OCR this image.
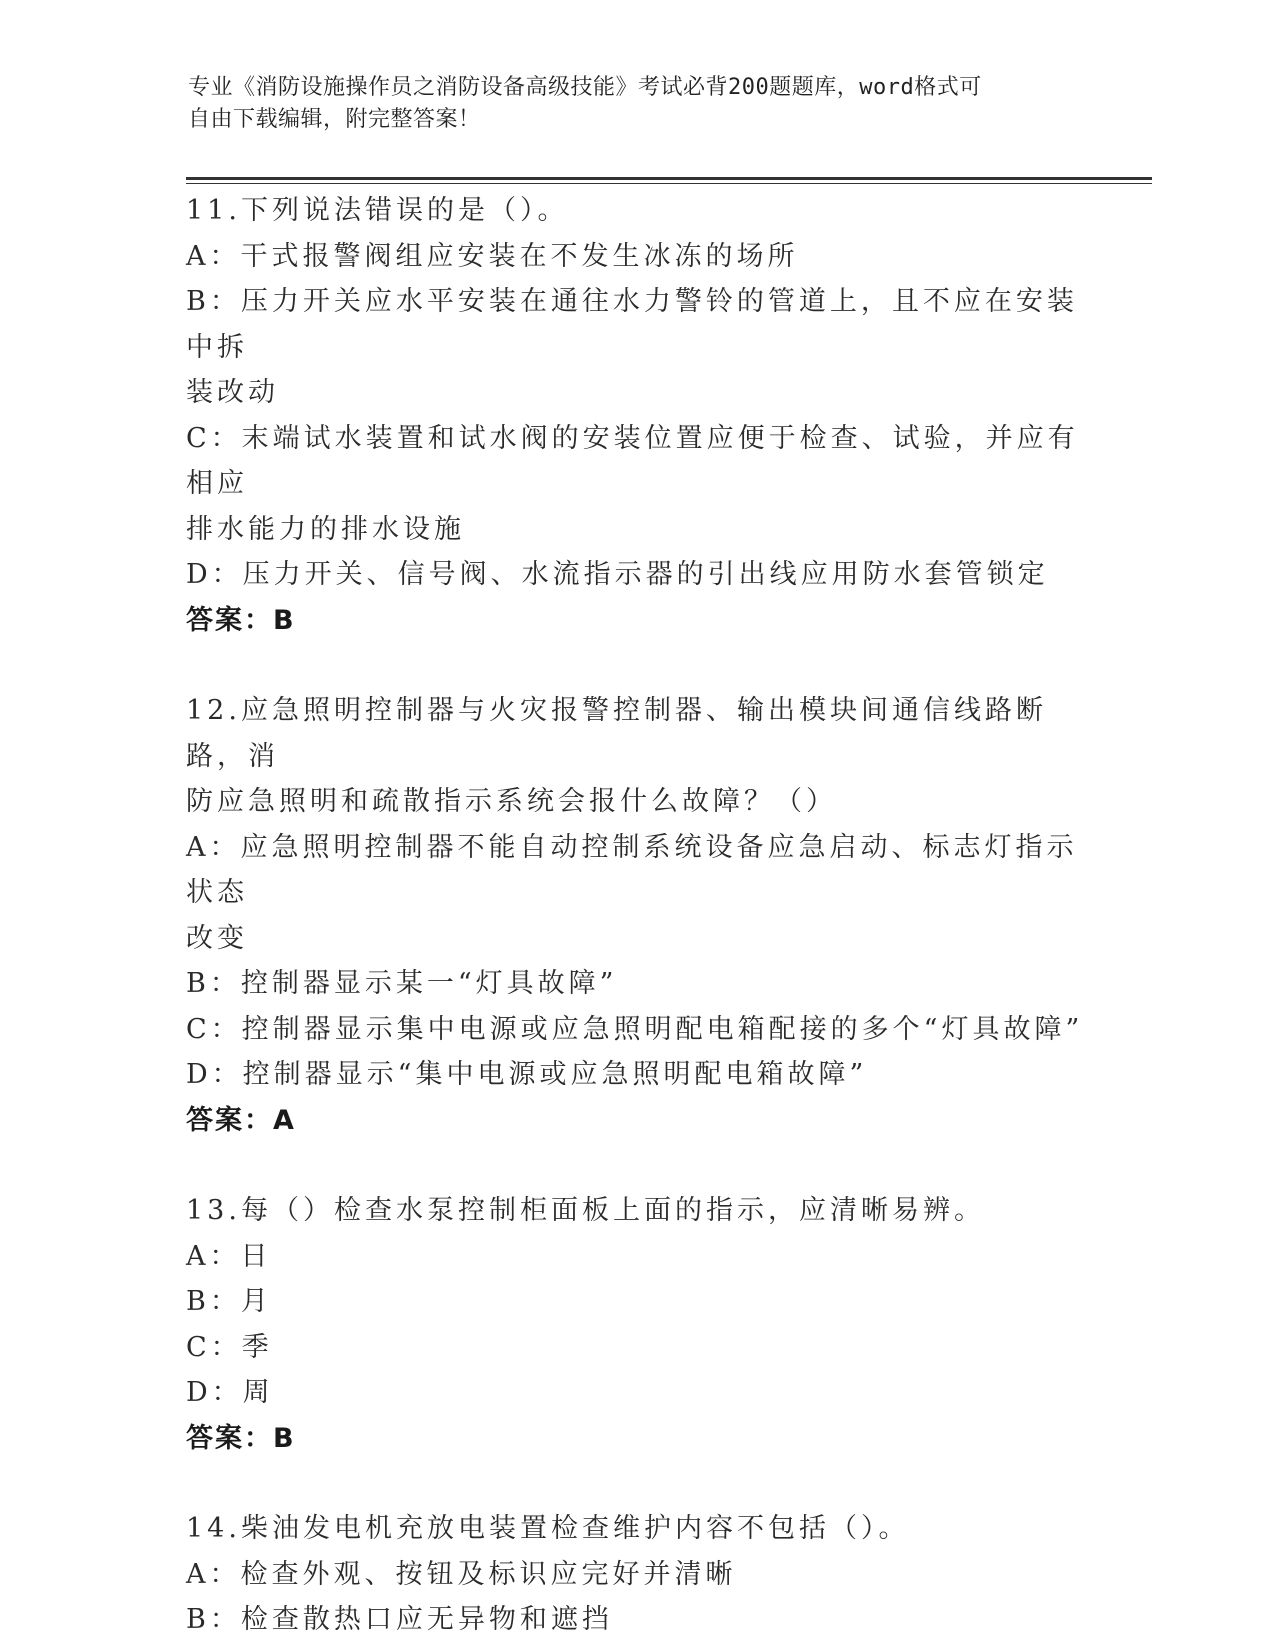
专业《消防设施操作员之消防设备高级技能》考试必背200题题库，word格式可
自由下载编辑，附完整答案！
11.下列说法错误的是（）。
A：干式报警阀组应安装在不发生冰冻的场所
B：压力开关应水平安装在通往水力警铃的管道上，且不应在安装中拆
装改动
C：末端试水装置和试水阀的安装位置应便于检查、试验，并应有相应
排水能力的排水设施
D：压力开关、信号阀、水流指示器的引出线应用防水套管锁定
答案：B
12.应急照明控制器与火灾报警控制器、输出模块间通信线路断路，消
防应急照明和疏散指示系统会报什么故障？（）
A：应急照明控制器不能自动控制系统设备应急启动、标志灯指示状态
改变
B：控制器显示某一“灯具故障”
C：控制器显示集中电源或应急照明配电箱配接的多个“灯具故障”
D：控制器显示“集中电源或应急照明配电箱故障”
答案：A
13.每（）检查水泵控制柜面板上面的指示，应清晰易辨。
A：日
B：月
C：季
D：周
答案：B
14.柴油发电机充放电装置检查维护内容不包括（）。
A：检查外观、按钮及标识应完好并清晰
B：检查散热口应无异物和遮挡
